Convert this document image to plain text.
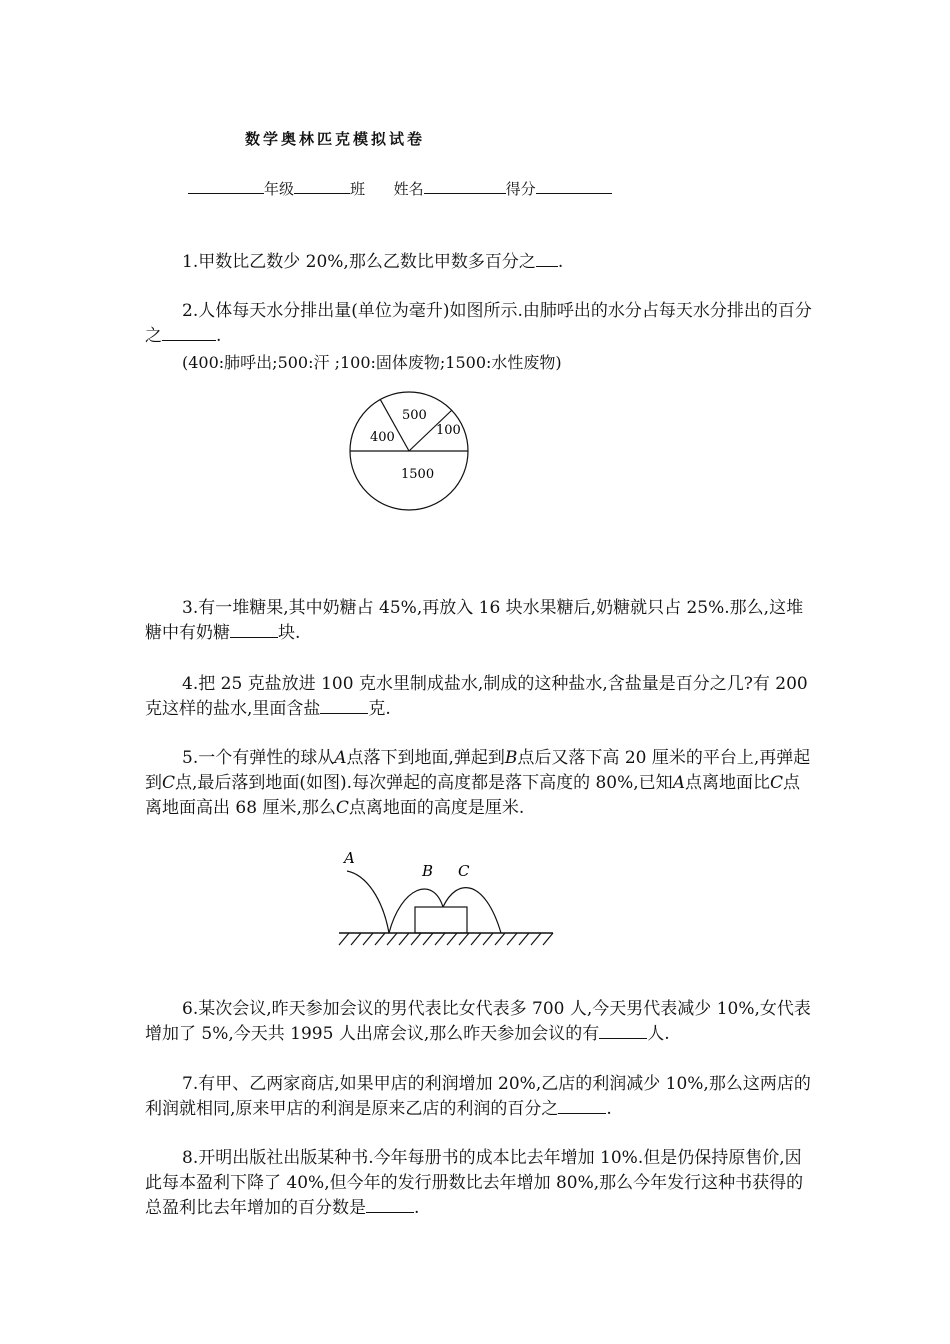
数学奥林匹克模拟试卷
年级	班 姓名	得分
1.甲数比乙数少 20%,那么乙数比甲数多百分之 .
2.人体每天水分排出量(单位为毫升)如图所示.由肺呼出的水分占每天水分排出的百分之	.
(400:肺呼出;500:汗 ;100:固体废物;1500:水性废物)
500
400	100
1500
3.有一堆糖果,其中奶糖占 45%,再放入 16 块水果糖后,奶糖就只占 25%.那么,这堆糖中有奶糖	块.
4.把 25 克盐放进 100 克水里制成盐水,制成的这种盐水,含盐量是百分之几?有 200 克这样的盐水,里面含盐	克.
5.一个有弹性的球从A点落下到地面,弹起到B点后又落下高 20 厘米的平台上,再弹起到C点,最后落到地面(如图).每次弹起的高度都是落下高度的 80%,已知A点离地面比C点离地面高出 68 厘米,那么C点离地面的高度是厘米.
A
B C
6.某次会议,昨天参加会议的男代表比女代表多 700 人,今天男代表减少 10%,女代表增加了 5%,今天共 1995 人出席会议,那么昨天参加会议的有	人.
7.有甲、乙两家商店,如果甲店的利润增加 20%,乙店的利润减少 10%,那么这两店的利润就相同,原来甲店的利润是原来乙店的利润的百分之	.
8.开明出版社出版某种书.今年每册书的成本比去年增加 10%.但是仍保持原售价,因此每本盈利下降了 40%,但今年的发行册数比去年增加 80%,那么今年发行这种书获得的总盈利比去年增加的百分数是	.
